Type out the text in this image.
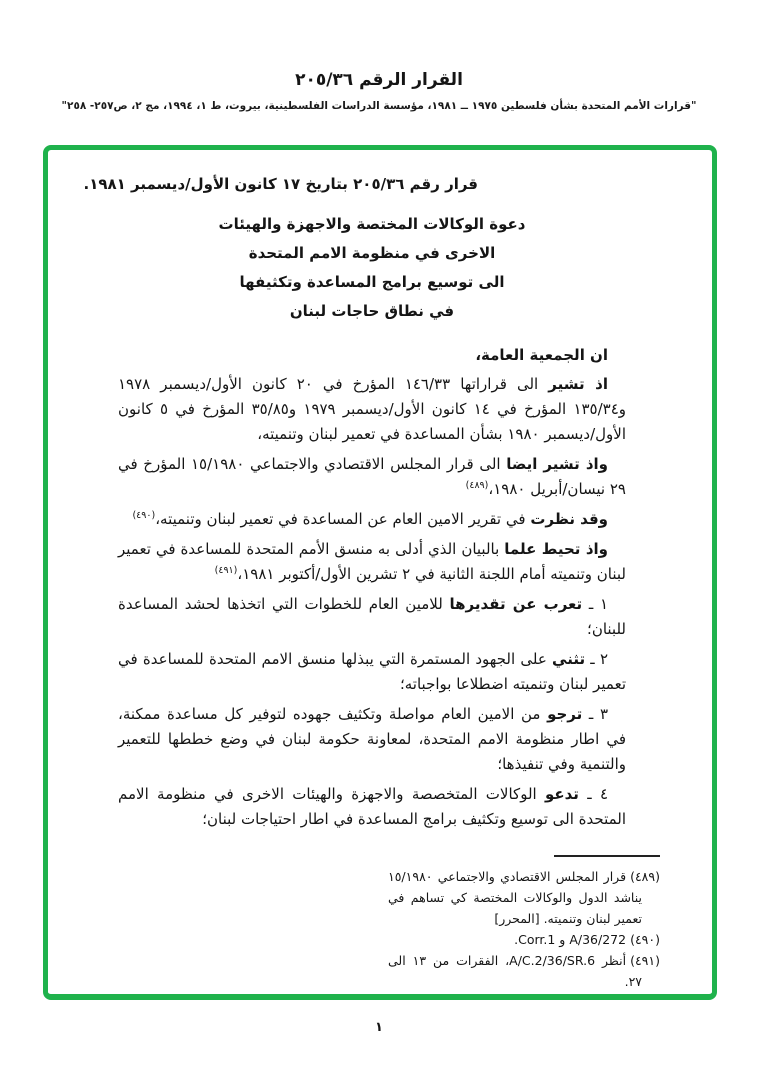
القرار الرقم ٢٠٥/٣٦
"قرارات الأمم المتحدة بشأن فلسطين ١٩٧٥ ــ ١٩٨١، مؤسسة الدراسات الفلسطينية، بيروت، ط ١، ١٩٩٤، مج ٢، ص٢٥٧- ٢٥٨"
قرار رقم ٢٠٥/٣٦ بتاريخ ١٧ كانون الأول/ديسمبر ١٩٨١.
دعوة الوكالات المختصة والاجهزة والهيئات
الاخرى في منظومة الامم المتحدة
الى توسيع برامج المساعدة وتكثيفها
في نطاق حاجات لبنان

ان الجمعية العامة،

اذ تشير الى قراراتها ١٤٦/٣٣ المؤرخ في ٢٠ كانون الأول/ديسمبر ١٩٧٨ و١٣٥/٣٤ المؤرخ في ١٤ كانون الأول/ديسمبر ١٩٧٩ و٣٥/٨٥ المؤرخ في ٥ كانون الأول/ديسمبر ١٩٨٠ بشأن المساعدة في تعمير لبنان وتنميته،

واذ تشير ايضا الى قرار المجلس الاقتصادي والاجتماعي ١٥/١٩٨٠ المؤرخ في ٢٩ نيسان/أبريل ١٩٨٠،$^{(٤٨٩)}$

وقد نظرت في تقرير الامين العام عن المساعدة في تعمير لبنان وتنميته،$^{(٤٩٠)}$

واذ تحيط علما بالبيان الذي أدلى به منسق الأمم المتحدة للمساعدة في تعمير لبنان وتنميته أمام اللجنة الثانية في ٢ تشرين الأول/أكتوبر ١٩٨١،$^{(٤٩١)}$

١ ـ تعرب عن تقديرها للامين العام للخطوات التي اتخذها لحشد المساعدة للبنان؛

٢ ـ تثني على الجهود المستمرة التي يبذلها منسق الامم المتحدة للمساعدة في تعمير لبنان وتنميته اضطلاعا بواجباته؛

٣ ـ ترجو من الامين العام مواصلة وتكثيف جهوده لتوفير كل مساعدة ممكنة، في اطار منظومة الامم المتحدة، لمعاونة حكومة لبنان في وضع خططها للتعمير والتنمية وفي تنفيذها؛

٤ ـ تدعو الوكالات المتخصصة والاجهزة والهيئات الاخرى في منظومة الامم المتحدة الى توسيع وتكثيف برامج المساعدة في اطار احتياجات لبنان؛

(٤٨٩)قرار المجلس الاقتصادي والاجتماعي ١٥/١٩٨٠ يناشد الدول والوكالات المختصة كي تساهم في تعمير لبنان وتنميته. [المحرر]

(٤٩٠)A/36/272 و Corr.1.

(٤٩١)أنظر A/C.2/36/SR.6، الفقرات من ١٣ الى ٢٧.

١
